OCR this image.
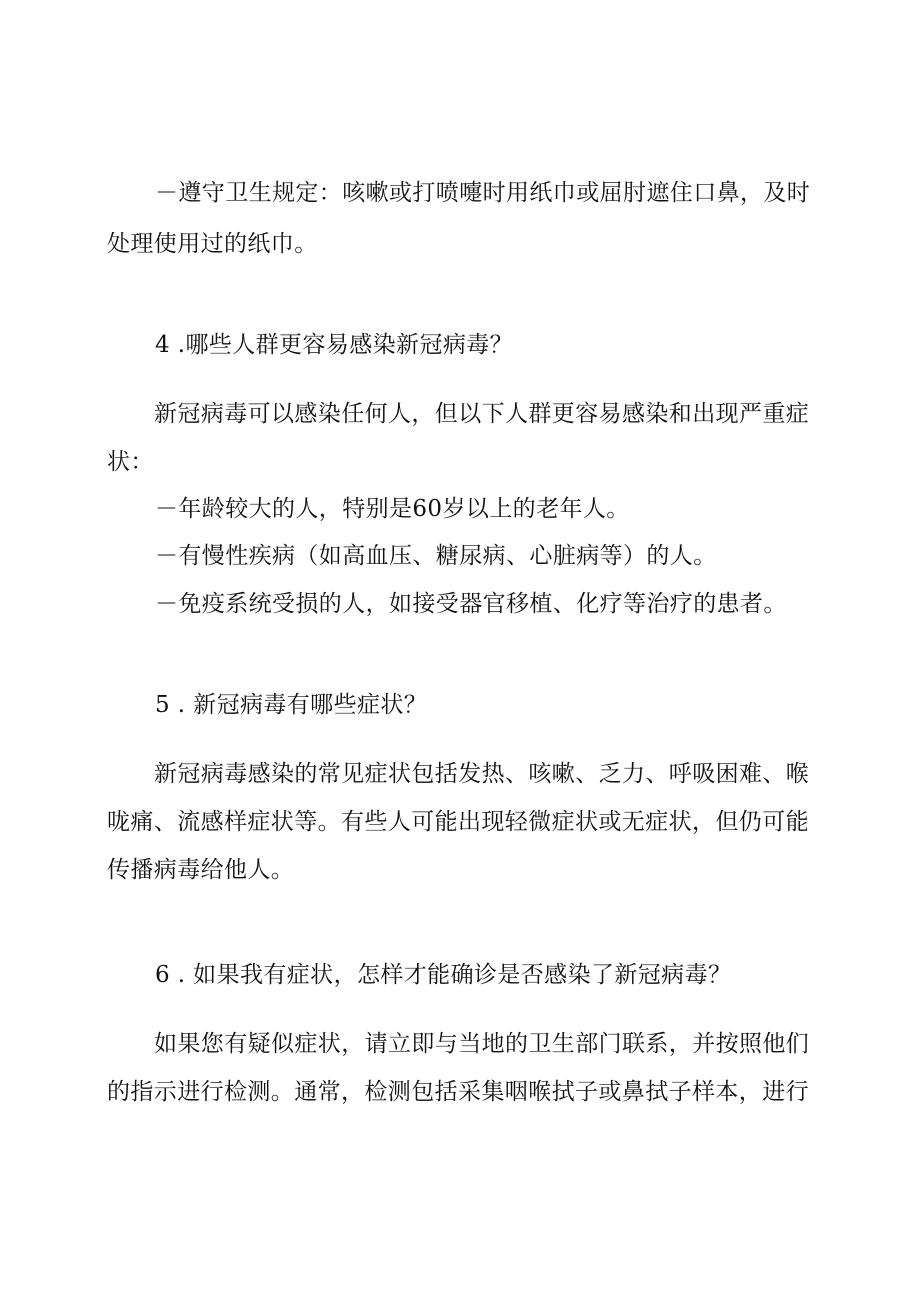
－遵守卫生规定：咳嗽或打喷嚏时用纸巾或屈肘遮住口鼻，及时
处理使用过的纸巾。
4 .哪些人群更容易感染新冠病毒？
新冠病毒可以感染任何人，但以下人群更容易感染和出现严重症
状：
－年龄较大的人，特别是60岁以上的老年人。
－有慢性疾病（如高血压、糖尿病、心脏病等）的人。
－免疫系统受损的人，如接受器官移植、化疗等治疗的患者。
5 . 新冠病毒有哪些症状？
新冠病毒感染的常见症状包括发热、咳嗽、乏力、呼吸困难、喉
咙痛、流感样症状等。有些人可能出现轻微症状或无症状，但仍可能
传播病毒给他人。
6 . 如果我有症状，怎样才能确诊是否感染了新冠病毒？
如果您有疑似症状，请立即与当地的卫生部门联系，并按照他们
的指示进行检测。通常，检测包括采集咽喉拭子或鼻拭子样本，进行
